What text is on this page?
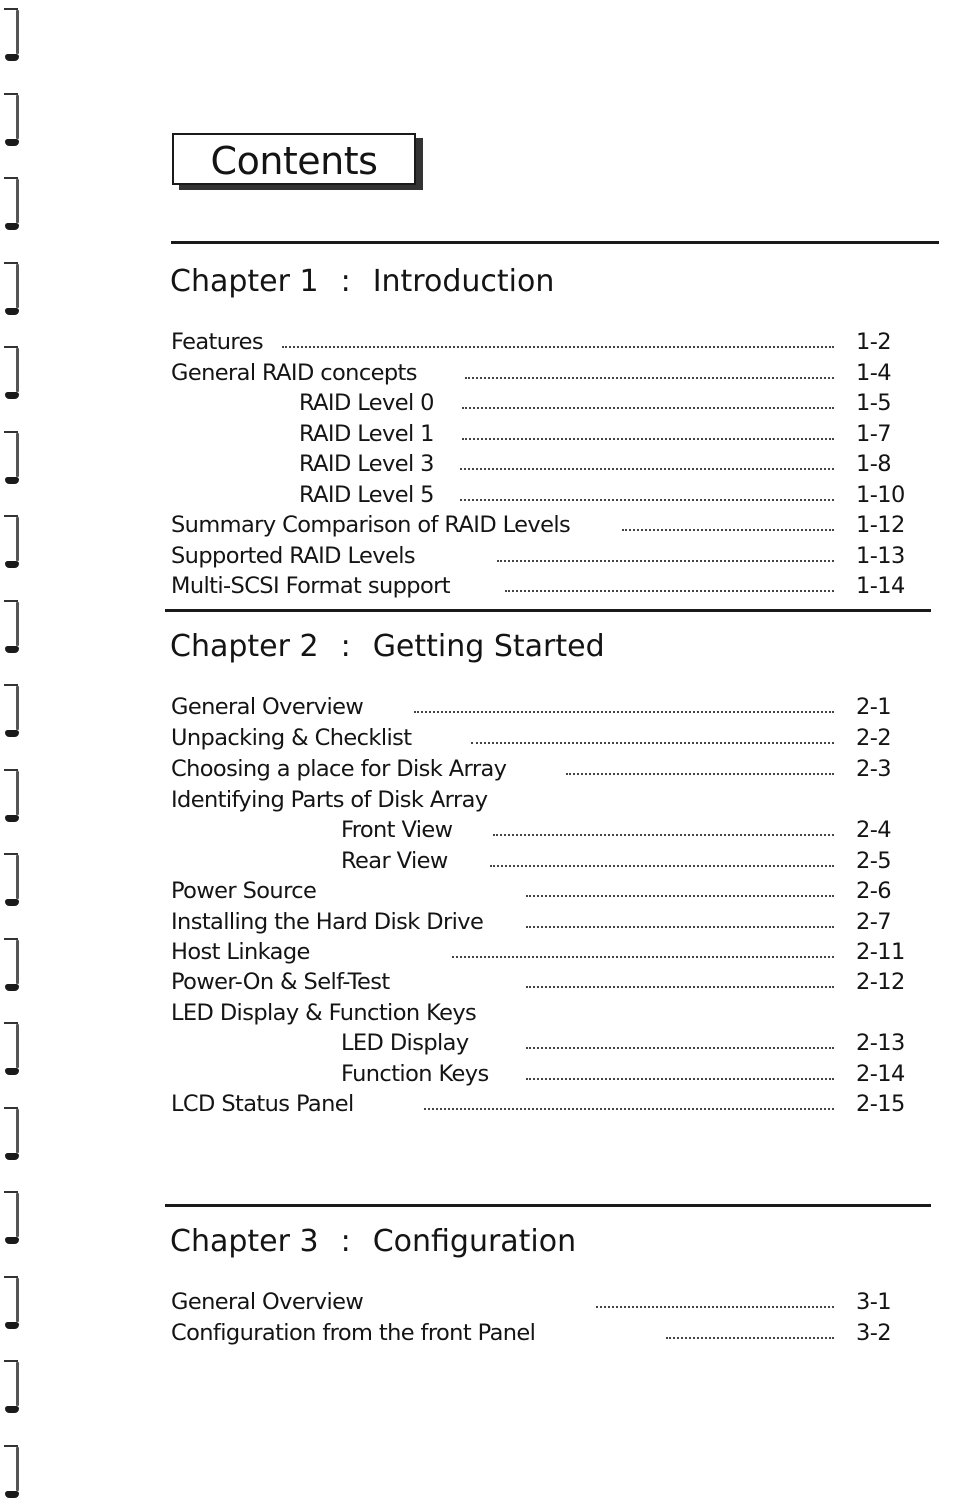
Contents
Chapter 1 : Introduction
Features	1-2
General RAID concepts	1-4
RAID Level 0	1-5
RAID Level 1	1-7
RAID Level 3	1-8
RAID Level 5	1-10
Summary Comparison of RAID Levels	1-12
Supported RAID Levels	1-13
Multi-SCSI Format support	1-14
Chapter 2 : Getting Started
General Overview	2-1
Unpacking & Checklist	2-2
Choosing a place for Disk Array	2-3
Identifying Parts of Disk Array
Front View	2-4
Rear View	2-5
Power Source	2-6
Installing the Hard Disk Drive	2-7
Host Linkage	2-11
Power-On & Self-Test	2-12
LED Display & Function Keys
LED Display	2-13
Function Keys	2-14
LCD Status Panel	2-15
Chapter 3 : Configuration
General Overview	3-1
Configuration from the front Panel	3-2
